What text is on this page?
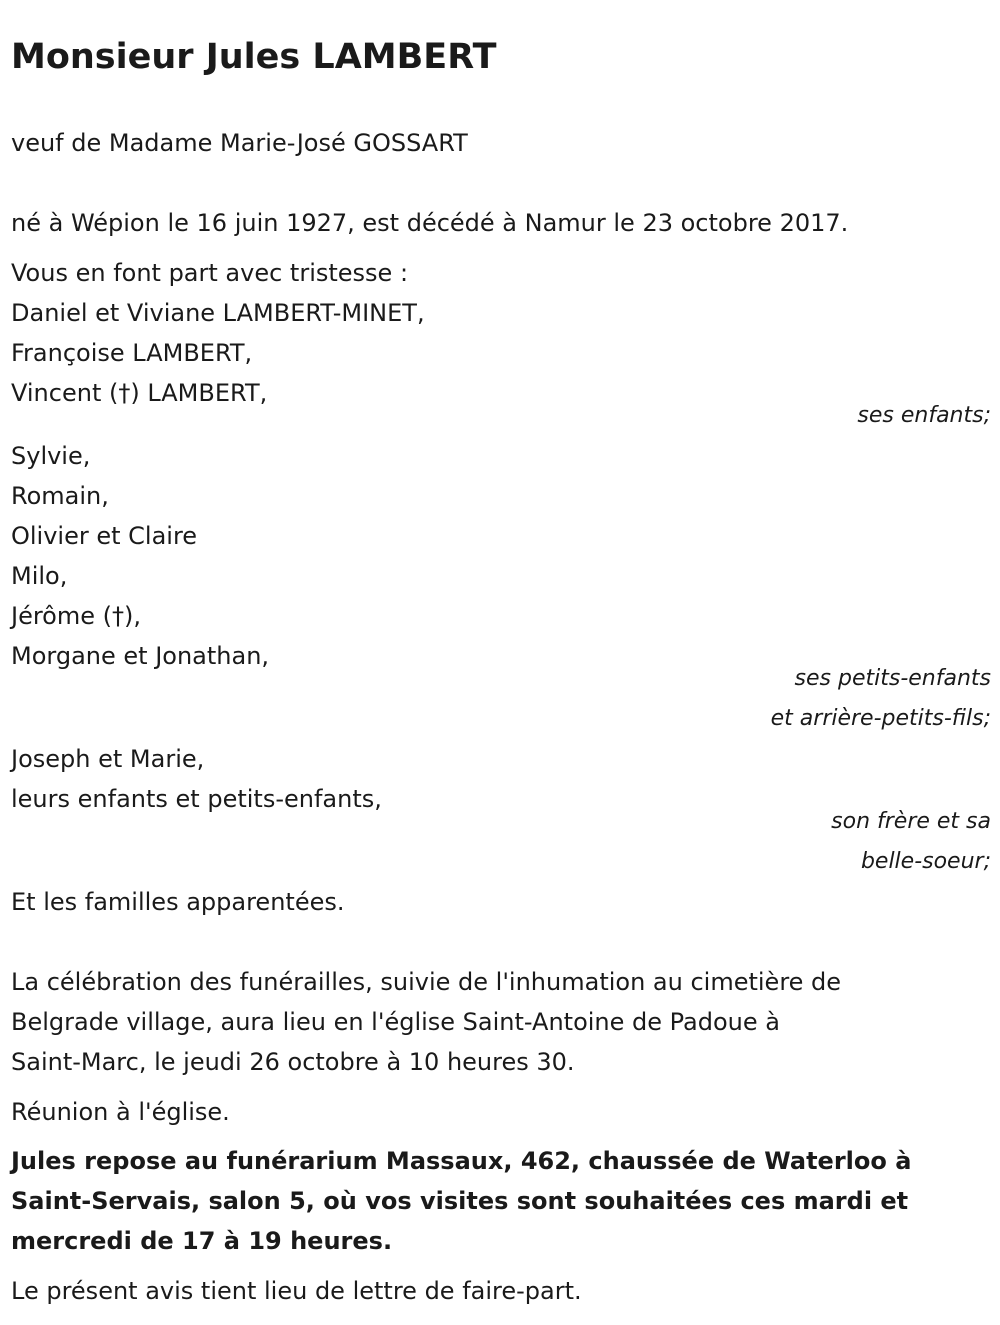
Monsieur Jules LAMBERT

veuf de Madame Marie-José GOSSART

né à Wépion le 16 juin 1927, est décédé à Namur le 23 octobre 2017.

Vous en font part avec tristesse :

Daniel et Viviane LAMBERT-MINET,

Françoise LAMBERT,

Vincent (†) LAMBERT,

ses enfants;

Sylvie,

Romain,

Olivier et Claire

Milo,

Jérôme (†),

Morgane et Jonathan,

ses petits-enfants

et arrière-petits-fils;

Joseph et Marie,

leurs enfants et petits-enfants,

son frère et sa

belle-soeur;

Et les familles apparentées.

La célébration des funérailles, suivie de l'inhumation au cimetière de

Belgrade village, aura lieu en l'église Saint-Antoine de Padoue à

Saint-Marc, le jeudi 26 octobre à 10 heures 30.

Réunion à l'église.

Jules repose au funérarium Massaux, 462, chaussée de Waterloo à

Saint-Servais, salon 5, où vos visites sont souhaitées ces mardi et

mercredi de 17 à 19 heures.

Le présent avis tient lieu de lettre de faire-part.
